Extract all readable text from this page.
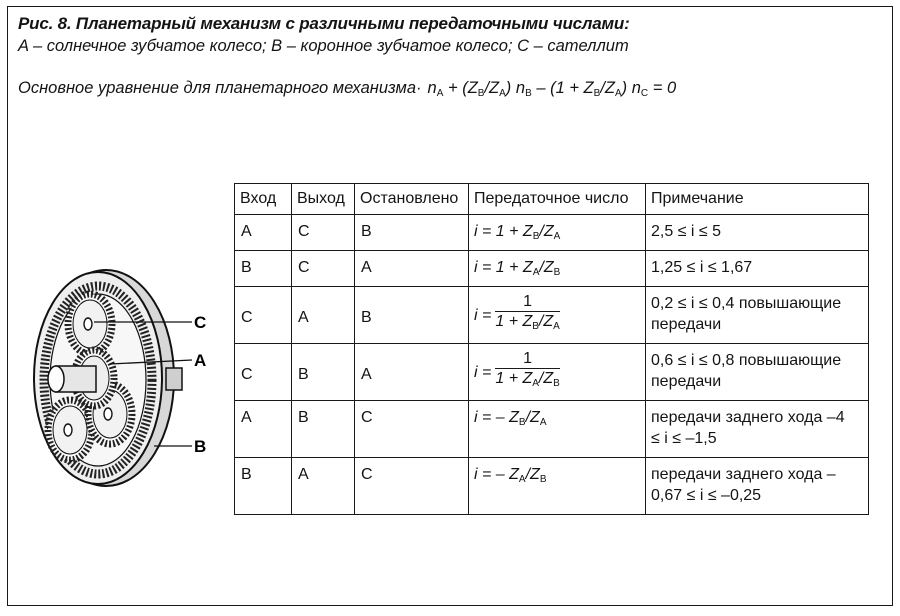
Рис. 8. Планетарный механизм с различными передаточными числами:
A – солнечное зубчатое колесо; B – коронное зубчатое колесо; C – сателлит
Основное уравнение для планетарного механизма· $n_A + (Z_B/Z_A)$ $n_B - (1 + Z_B/Z_A) n_C = 0$
C
A
B
Вход	Выход	Остановлено	Передаточное число	Примечание
A	C	B	$i = 1 + Z_B/Z_A$	2,5 ≤ i ≤ 5

B	C	A	$i = 1 + Z_A/Z_B$	1,25 ≤ i ≤ 1,67

C	A	B	$i = \frac{1}{1 + Z_B/Z_A}$	0,2 ≤ i ≤ 0,4 повышающие передачи

C	B	A	$i = \frac{1}{1 + Z_A/Z_B}$	0,6 ≤ i ≤ 0,8 повышающие передачи

A	B	C	i = – $Z_B/Z_A$	передачи заднего хода –4 ≤ i ≤ –1,5

B	A	C	i = – $Z_A/Z_B$	передачи заднего хода –0,67 ≤ i ≤ –0,25
